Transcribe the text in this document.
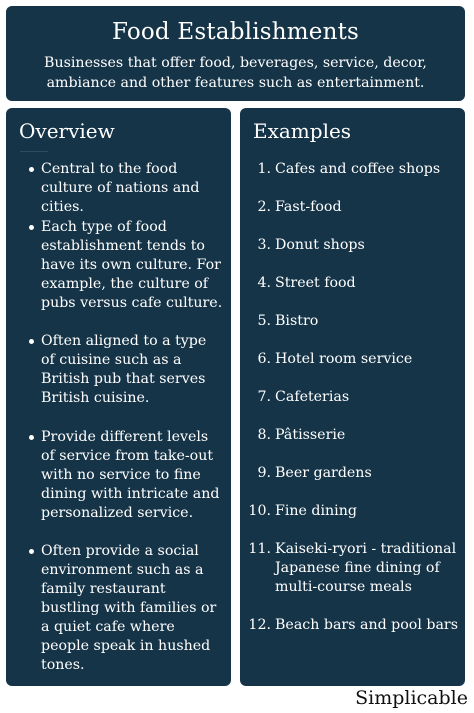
Food Establishments

Businesses that offer food, beverages, service, decor, ambiance and other features such as entertainment.

Overview
Central to the food culture of nations and cities.
Each type of food establishment tends to have its own culture. For example, the culture of pubs versus cafe culture.
Often aligned to a type of cuisine such as a British pub that serves British cuisine.
Provide different levels of service from take-out with no service to fine dining with intricate and personalized service.
Often provide a social environment such as a family restaurant bustling with families or a quiet cafe where people speak in hushed tones.
Examples
1. Cafes and coffee shops
2. Fast-food
3. Donut shops
4. Street food
5. Bistro
6. Hotel room service
7. Cafeterias
8. Pâtisserie
9. Beer gardens
10. Fine dining
11. Kaiseki-ryori - traditional Japanese fine dining of multi-course meals
12. Beach bars and pool bars
Simplicable
